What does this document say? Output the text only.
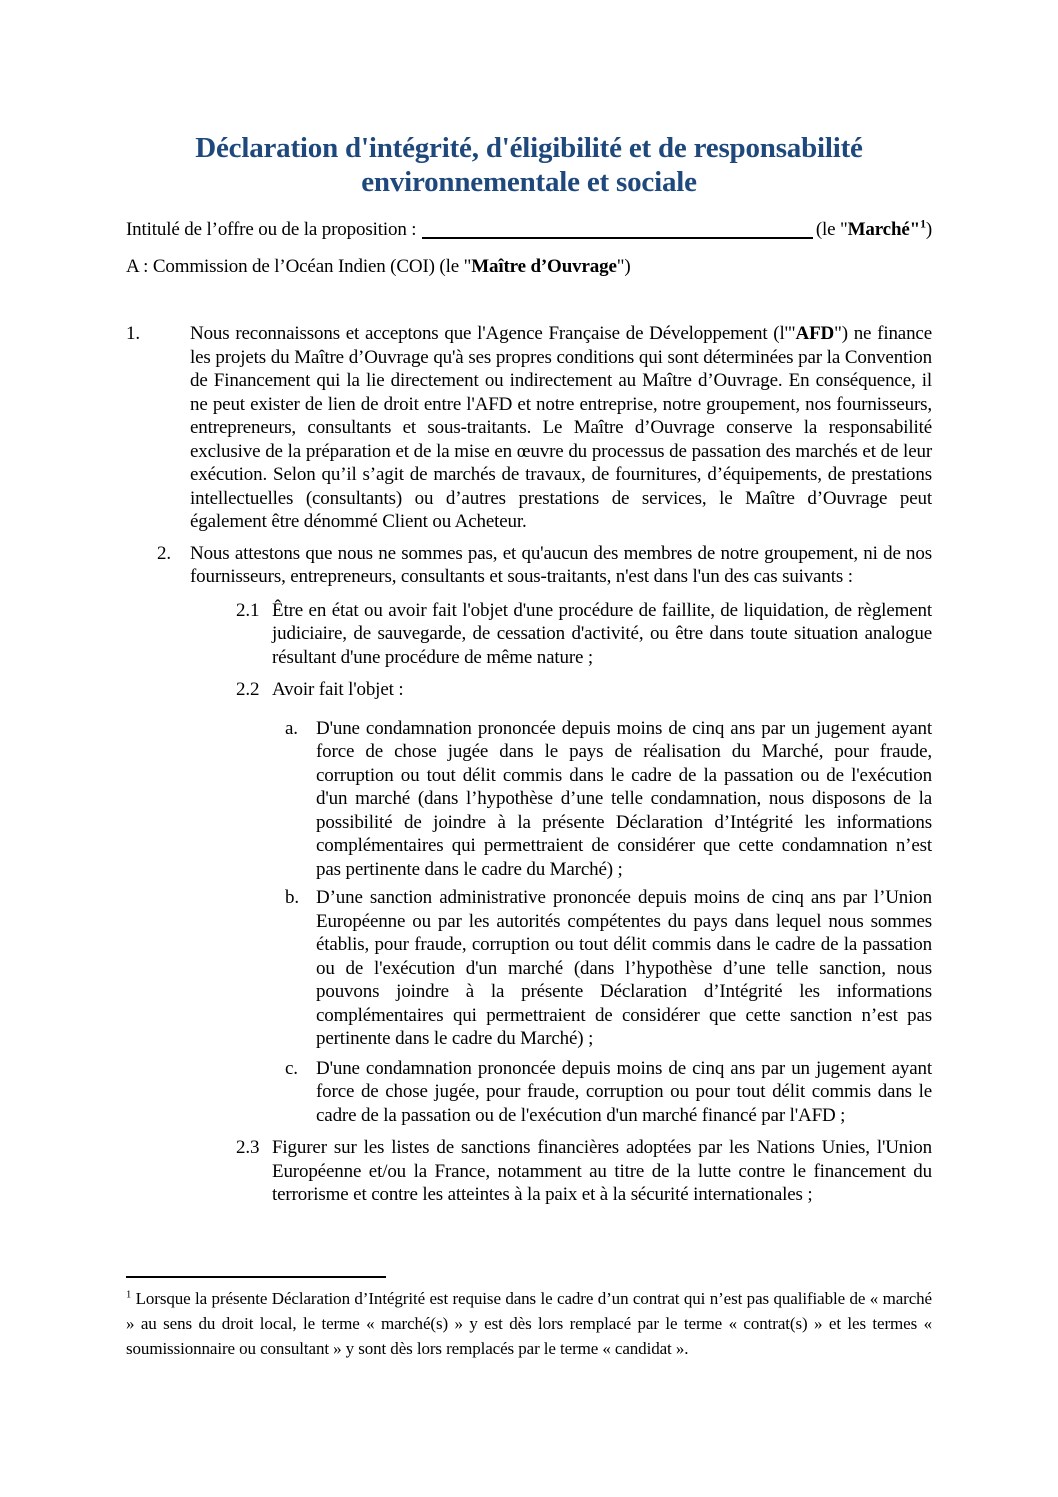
Déclaration d'intégrité, d'éligibilité et de responsabilité
environnementale et sociale
Intitulé de l’offre ou de la proposition :	(le "Marché"$^1$)
A : Commission de l’Océan Indien (COI) (le "Maître d’Ouvrage")
1.	Nous reconnaissons et acceptons que l'Agence Française de Développement (l'"AFD") ne finance les projets du Maître d’Ouvrage qu'à ses propres conditions qui sont déterminées par la Convention de Financement qui la lie directement ou indirectement au Maître d’Ouvrage. En conséquence, il ne peut exister de lien de droit entre l'AFD et notre entreprise, notre groupement, nos fournisseurs, entrepreneurs, consultants et sous-traitants. Le Maître d’Ouvrage conserve la responsabilité exclusive de la préparation et de la mise en œuvre du processus de passation des marchés et de leur exécution. Selon qu’il s’agit de marchés de travaux, de fournitures, d’équipements, de prestations intellectuelles (consultants) ou d’autres prestations de services, le Maître d’Ouvrage peut également être dénommé Client ou Acheteur.
2.	Nous attestons que nous ne sommes pas, et qu'aucun des membres de notre groupement, ni de nos fournisseurs, entrepreneurs, consultants et sous-traitants, n'est dans l'un des cas suivants :
2.1 Être en état ou avoir fait l'objet d'une procédure de faillite, de liquidation, de règlement judiciaire, de sauvegarde, de cessation d'activité, ou être dans toute situation analogue résultant d'une procédure de même nature ;
2.2 Avoir fait l'objet :
a. D'une condamnation prononcée depuis moins de cinq ans par un jugement ayant force de chose jugée dans le pays de réalisation du Marché, pour fraude, corruption ou tout délit commis dans le cadre de la passation ou de l'exécution d'un marché (dans l’hypothèse d’une telle condamnation, nous disposons de la possibilité de joindre à la présente Déclaration d’Intégrité les informations complémentaires qui permettraient de considérer que cette condamnation n’est pas pertinente dans le cadre du Marché) ;
b. D’une sanction administrative prononcée depuis moins de cinq ans par l’Union Européenne ou par les autorités compétentes du pays dans lequel nous sommes établis, pour fraude, corruption ou tout délit commis dans le cadre de la passation ou de l'exécution d'un marché (dans l’hypothèse d’une telle sanction, nous pouvons joindre à la présente Déclaration d’Intégrité les informations complémentaires qui permettraient de considérer que cette sanction n’est pas pertinente dans le cadre du Marché) ;
c. D'une condamnation prononcée depuis moins de cinq ans par un jugement ayant force de chose jugée, pour fraude, corruption ou pour tout délit commis dans le cadre de la passation ou de l'exécution d'un marché financé par l'AFD ;
2.3 Figurer sur les listes de sanctions financières adoptées par les Nations Unies, l'Union Européenne et/ou la France, notamment au titre de la lutte contre le financement du terrorisme et contre les atteintes à la paix et à la sécurité internationales ;
$^1$ Lorsque la présente Déclaration d’Intégrité est requise dans le cadre d’un contrat qui n’est pas qualifiable de « marché » au sens du droit local, le terme « marché(s) » y est dès lors remplacé par le terme « contrat(s) » et les termes « soumissionnaire ou consultant » y sont dès lors remplacés par le terme « candidat ».
